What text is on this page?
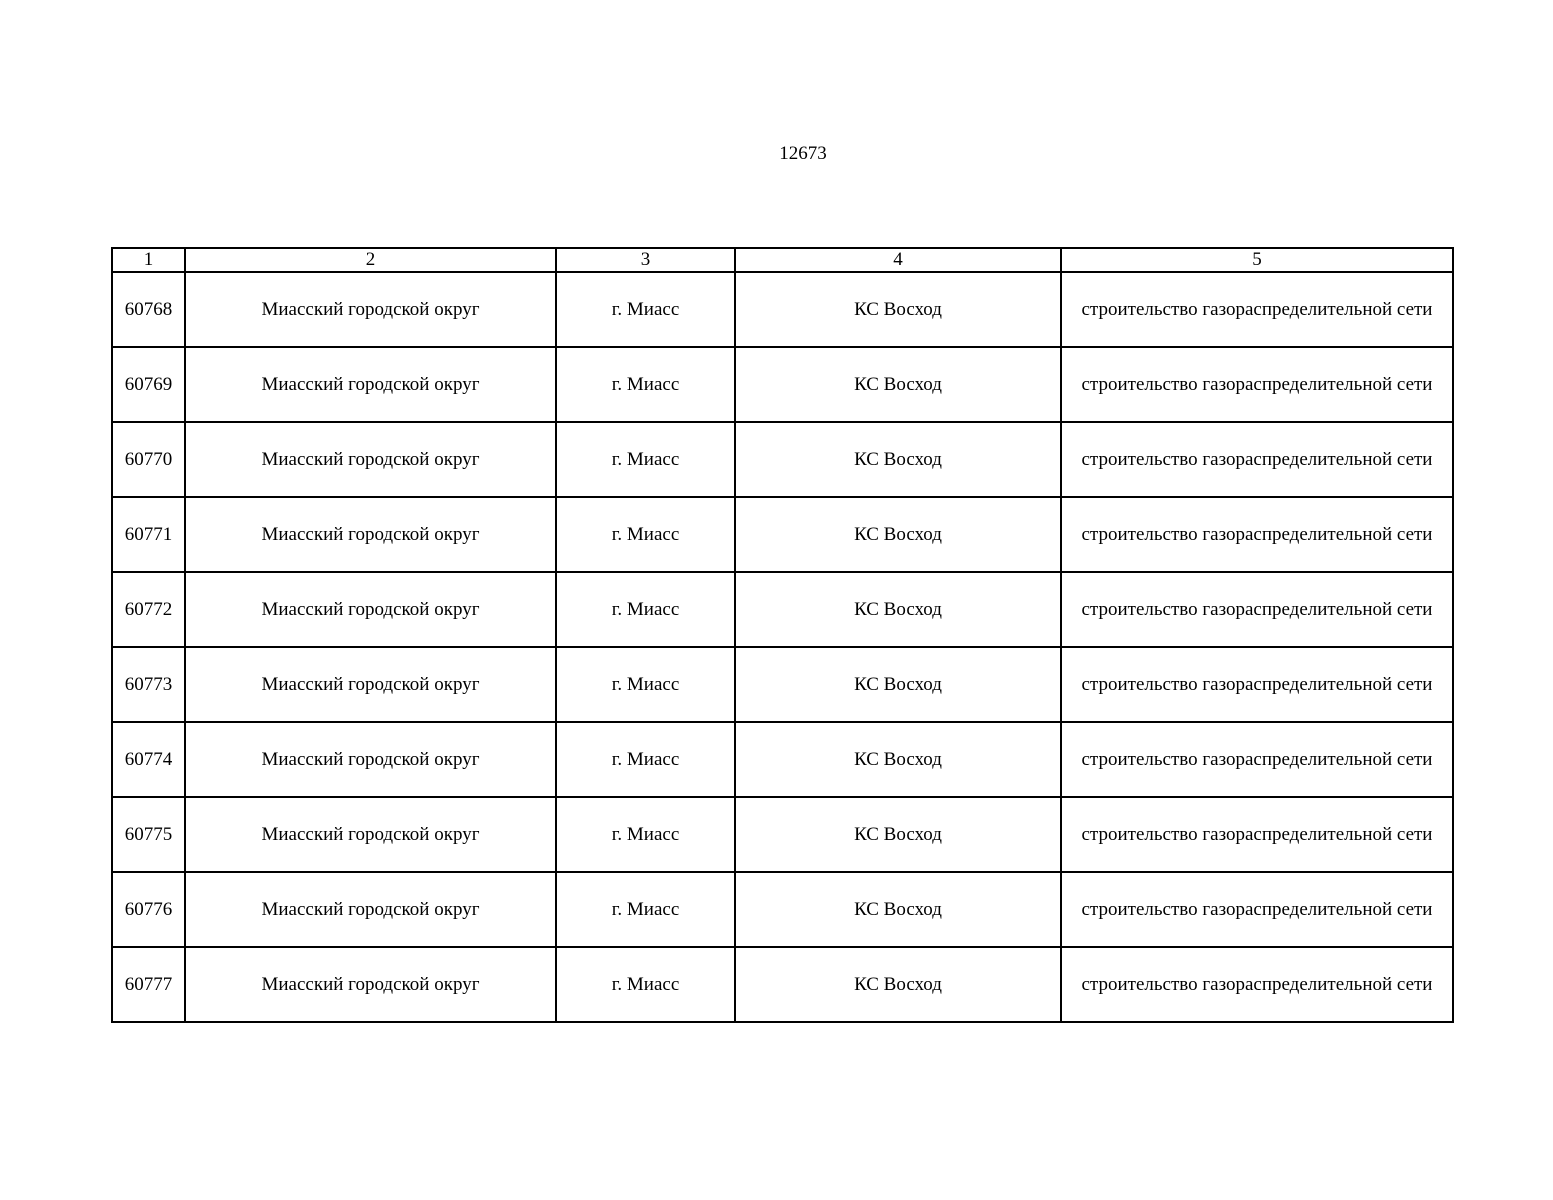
12673
1	2	3	4	5
60768	Миасский городской округ	г. Миасс	КС Восход	строительство газораспределительной сети
60769	Миасский городской округ	г. Миасс	КС Восход	строительство газораспределительной сети
60770	Миасский городской округ	г. Миасс	КС Восход	строительство газораспределительной сети
60771	Миасский городской округ	г. Миасс	КС Восход	строительство газораспределительной сети
60772	Миасский городской округ	г. Миасс	КС Восход	строительство газораспределительной сети
60773	Миасский городской округ	г. Миасс	КС Восход	строительство газораспределительной сети
60774	Миасский городской округ	г. Миасс	КС Восход	строительство газораспределительной сети
60775	Миасский городской округ	г. Миасс	КС Восход	строительство газораспределительной сети
60776	Миасский городской округ	г. Миасс	КС Восход	строительство газораспределительной сети
60777	Миасский городской округ	г. Миасс	КС Восход	строительство газораспределительной сети
